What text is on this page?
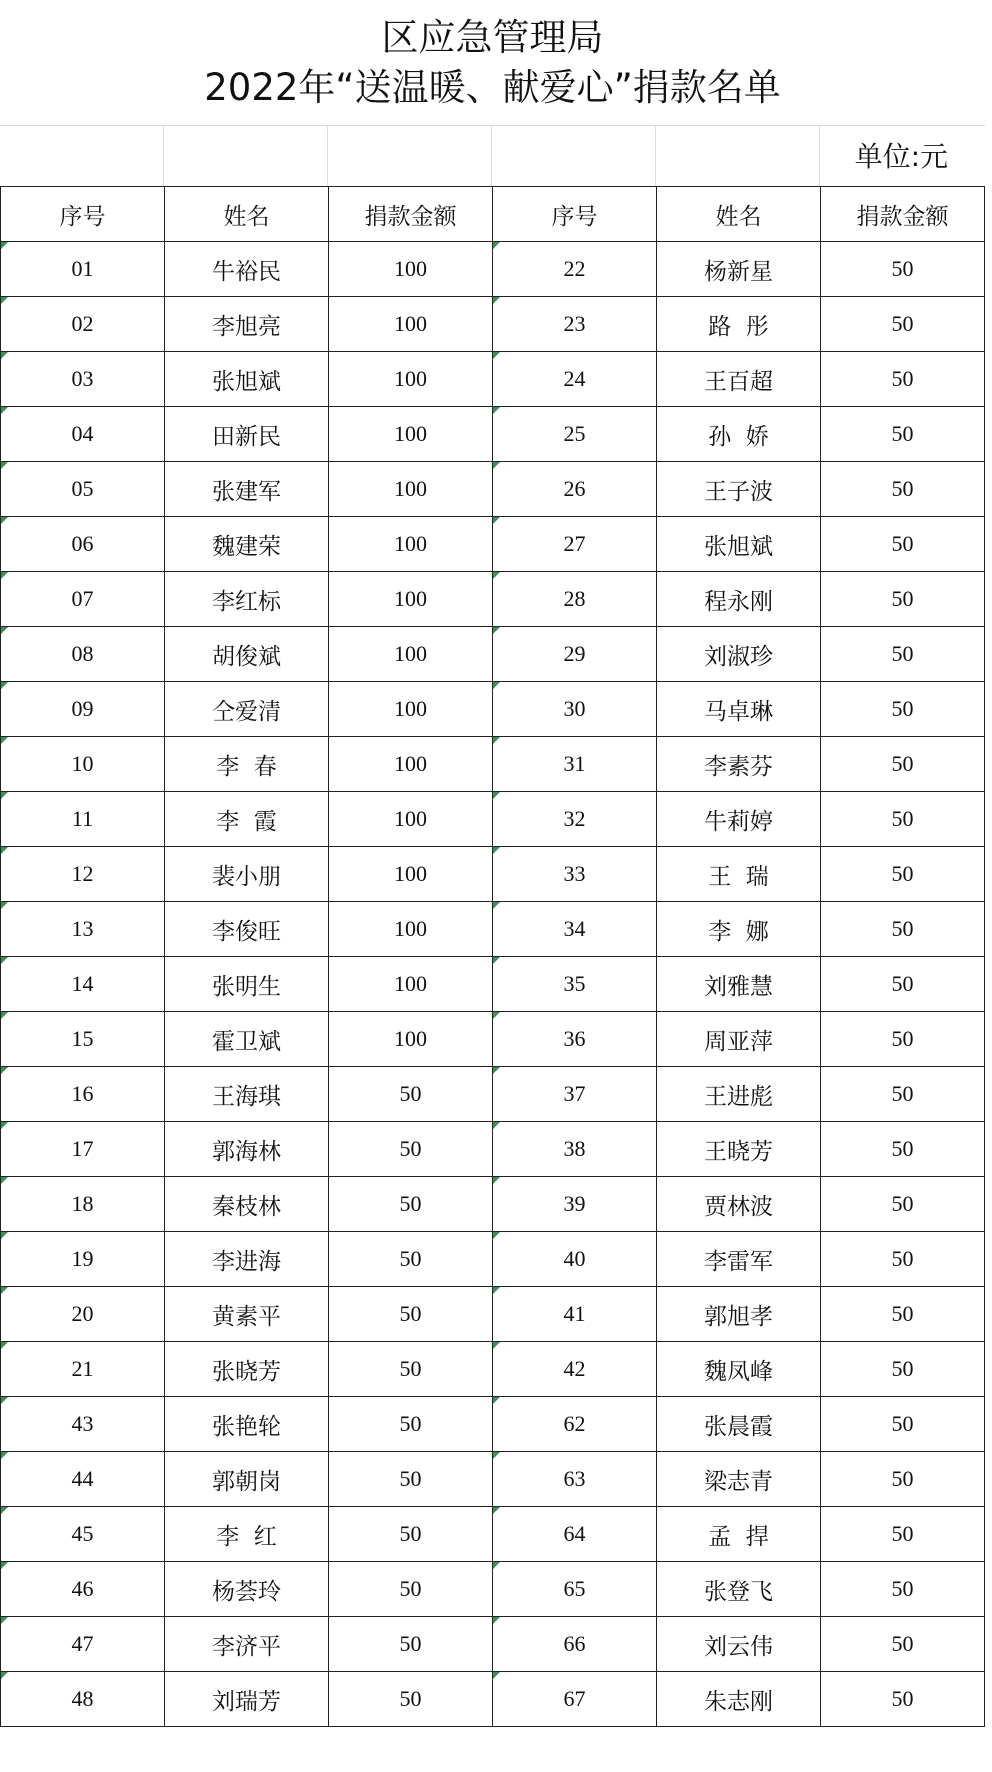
区应急管理局
2022年“送温暖、献爱心”捐款名单
单位:元
序号	姓名	捐款金额	序号	姓名	捐款金额
01	牛裕民	100	22	杨新星	50
02	李旭亮	100	23	路  彤	50
03	张旭斌	100	24	王百超	50
04	田新民	100	25	孙  娇	50
05	张建军	100	26	王子波	50
06	魏建荣	100	27	张旭斌	50
07	李红标	100	28	程永刚	50
08	胡俊斌	100	29	刘淑珍	50
09	仝爱清	100	30	马卓琳	50
10	李  春	100	31	李素芬	50
11	李  霞	100	32	牛莉婷	50
12	裴小朋	100	33	王  瑞	50
13	李俊旺	100	34	李  娜	50
14	张明生	100	35	刘雅慧	50
15	霍卫斌	100	36	周亚萍	50
16	王海琪	50	37	王进彪	50
17	郭海林	50	38	王晓芳	50
18	秦枝林	50	39	贾林波	50
19	李进海	50	40	李雷军	50
20	黄素平	50	41	郭旭孝	50
21	张晓芳	50	42	魏凤峰	50
43	张艳轮	50	62	张晨霞	50
44	郭朝岗	50	63	梁志青	50
45	李  红	50	64	孟  捍	50
46	杨荟玲	50	65	张登飞	50
47	李济平	50	66	刘云伟	50
48	刘瑞芳	50	67	朱志刚	50
